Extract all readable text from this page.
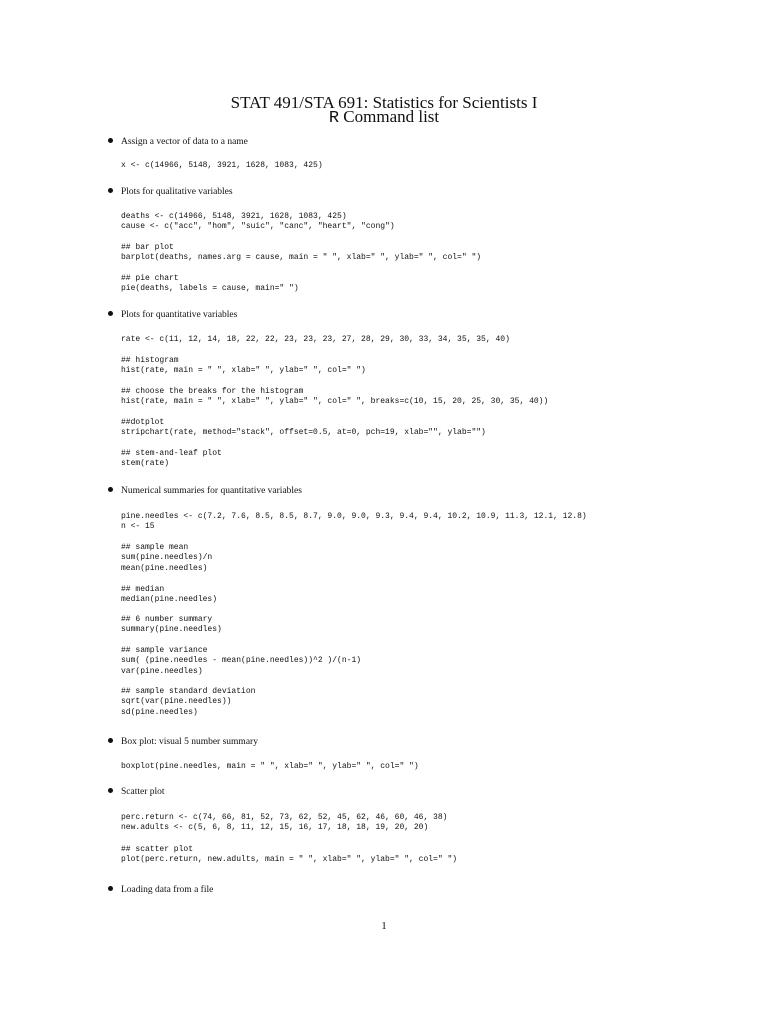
STAT 491/STA 691: Statistics for Scientists I
R Command list
Assign a vector of data to a name
x <- c(14966, 5148, 3921, 1628, 1083, 425)
Plots for qualitative variables
deaths <- c(14966, 5148, 3921, 1628, 1083, 425)
cause <- c("acc", "hom", "suic", "canc", "heart", "cong")
## bar plot
barplot(deaths, names.arg = cause, main = " ", xlab=" ", ylab=" ", col=" ")
## pie chart
pie(deaths, labels = cause, main=" ")
Plots for quantitative variables
rate <- c(11, 12, 14, 18, 22, 22, 23, 23, 23, 27, 28, 29, 30, 33, 34, 35, 35, 40)
## histogram
hist(rate, main = " ", xlab=" ", ylab=" ", col=" ")
## choose the breaks for the histogram
hist(rate, main = " ", xlab=" ", ylab=" ", col=" ", breaks=c(10, 15, 20, 25, 30, 35, 40))
##dotplot
stripchart(rate, method="stack", offset=0.5, at=0, pch=19, xlab="", ylab="")
## stem-and-leaf plot
stem(rate)
Numerical summaries for quantitative variables
pine.needles <- c(7.2, 7.6, 8.5, 8.5, 8.7, 9.0, 9.0, 9.3, 9.4, 9.4, 10.2, 10.9, 11.3, 12.1, 12.8)
n <- 15
## sample mean
sum(pine.needles)/n
mean(pine.needles)
## median
median(pine.needles)
## 6 number summary
summary(pine.needles)
## sample variance
sum( (pine.needles - mean(pine.needles))^2 )/(n-1)
var(pine.needles)
## sample standard deviation
sqrt(var(pine.needles))
sd(pine.needles)
Box plot: visual 5 number summary
boxplot(pine.needles, main = " ", xlab=" ", ylab=" ", col=" ")
Scatter plot
perc.return <- c(74, 66, 81, 52, 73, 62, 52, 45, 62, 46, 60, 46, 38)
new.adults <- c(5, 6, 8, 11, 12, 15, 16, 17, 18, 18, 19, 20, 20)
## scatter plot
plot(perc.return, new.adults, main = " ", xlab=" ", ylab=" ", col=" ")
Loading data from a file
1
